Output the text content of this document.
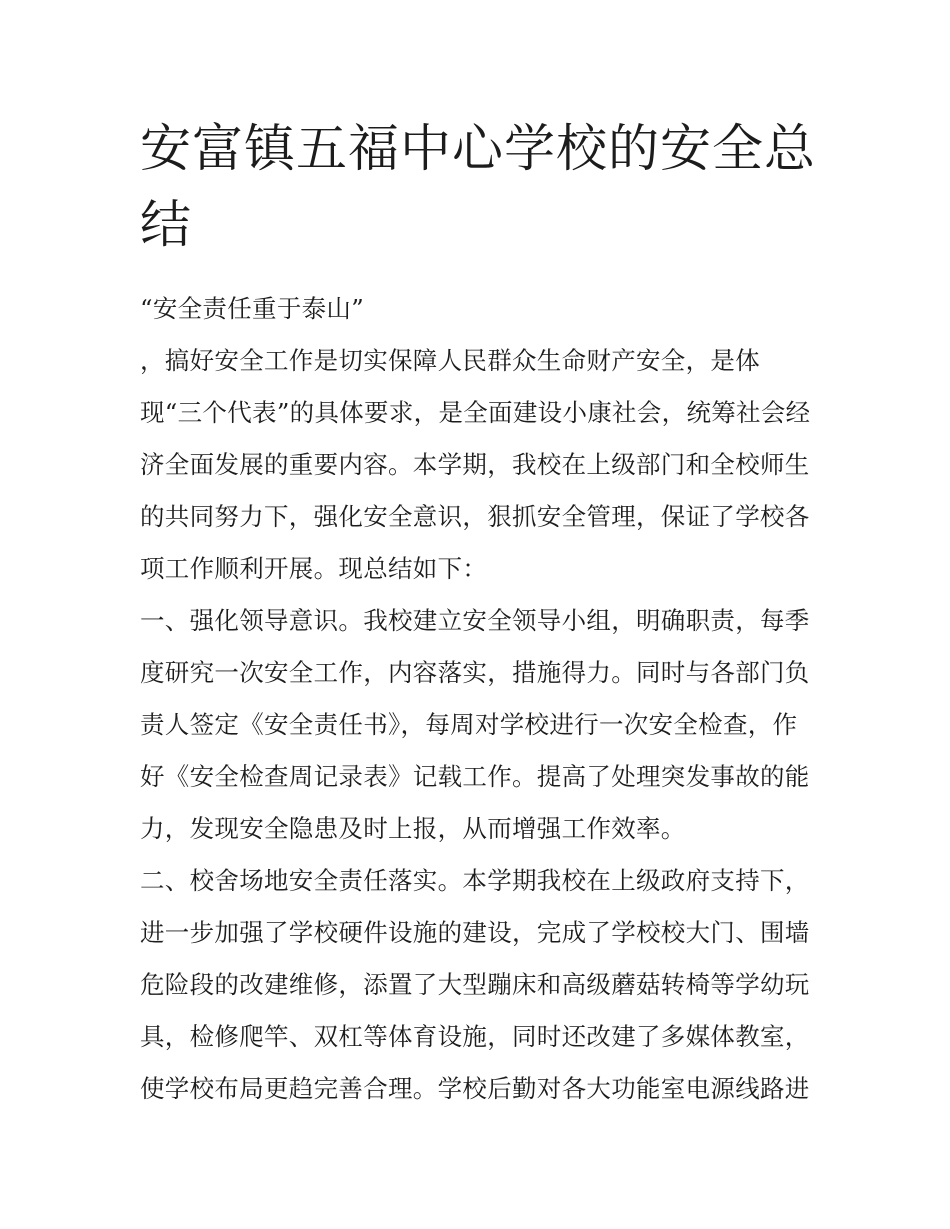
安富镇五福中心学校的安全总
结
“安全责任重于泰山”
，搞好安全工作是切实保障人民群众生命财产安全，是体
现“三个代表”的具体要求，是全面建设小康社会，统筹社会经
济全面发展的重要内容。本学期，我校在上级部门和全校师生
的共同努力下，强化安全意识，狠抓安全管理，保证了学校各
项工作顺利开展。现总结如下：
一、强化领导意识。我校建立安全领导小组，明确职责，每季
度研究一次安全工作，内容落实，措施得力。同时与各部门负
责人签定《安全责任书》，每周对学校进行一次安全检查，作
好《安全检查周记录表》记载工作。提高了处理突发事故的能
力，发现安全隐患及时上报，从而增强工作效率。
二、校舍场地安全责任落实。本学期我校在上级政府支持下，
进一步加强了学校硬件设施的建设，完成了学校校大门、围墙
危险段的改建维修，添置了大型蹦床和高级蘑菇转椅等学幼玩
具，检修爬竿、双杠等体育设施，同时还改建了多媒体教室，
使学校布局更趋完善合理。学校后勤对各大功能室电源线路进
